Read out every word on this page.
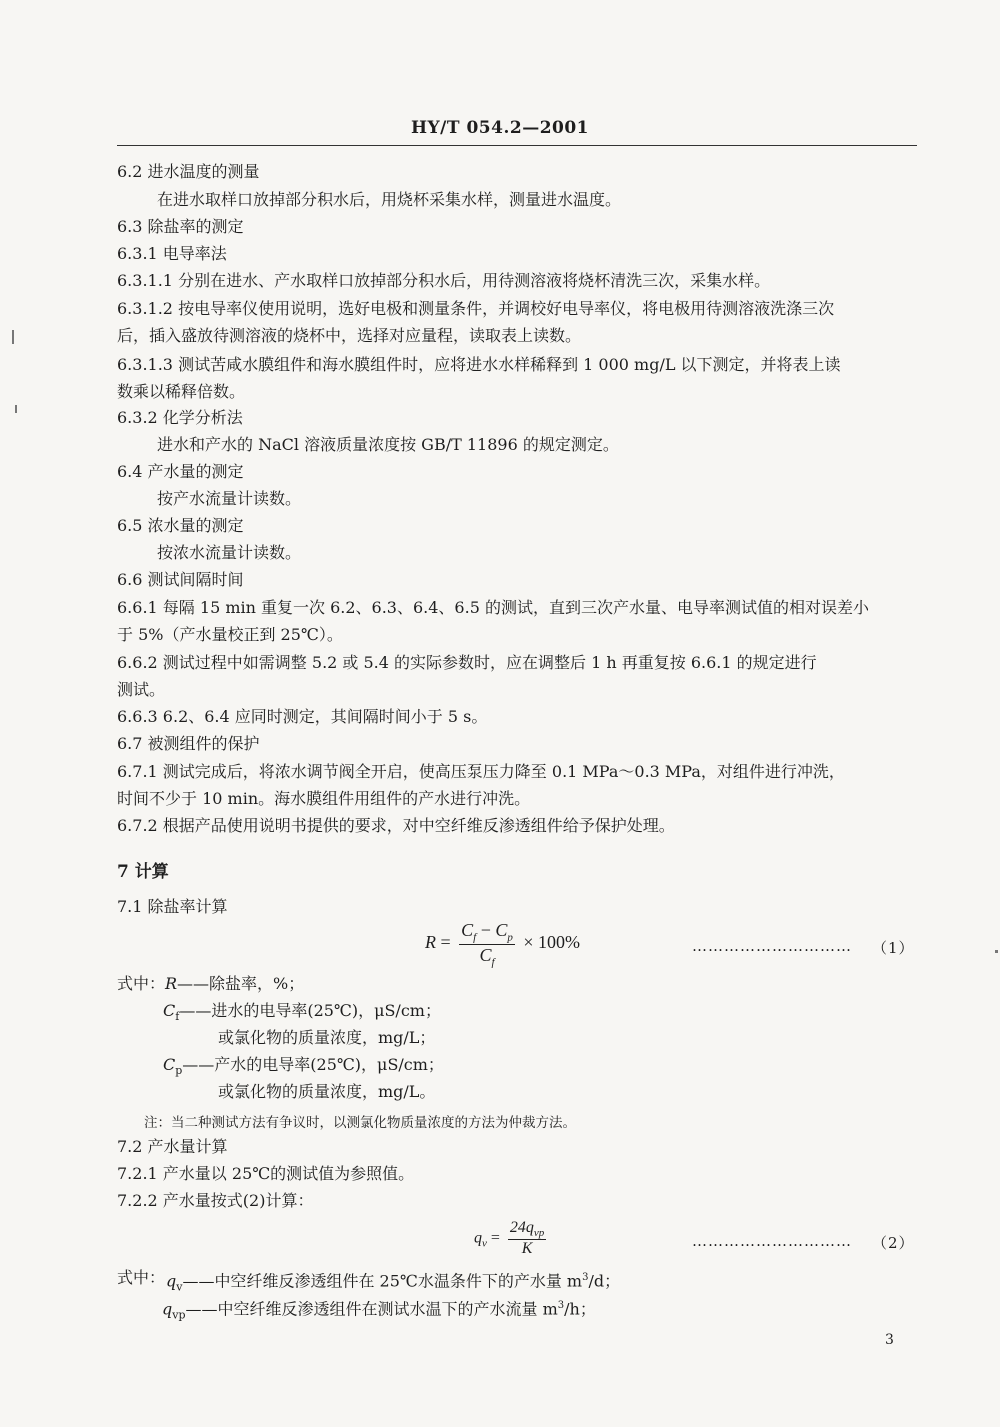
HY/T 054.2—2001
6.2 进水温度的测量
在进水取样口放掉部分积水后，用烧杯采集水样，测量进水温度。
6.3 除盐率的测定
6.3.1 电导率法
6.3.1.1 分别在进水、产水取样口放掉部分积水后，用待测溶液将烧杯清洗三次，采集水样。
6.3.1.2 按电导率仪使用说明，选好电极和测量条件，并调校好电导率仪，将电极用待测溶液洗涤三次
后，插入盛放待测溶液的烧杯中，选择对应量程，读取表上读数。
6.3.1.3 测试苦咸水膜组件和海水膜组件时，应将进水水样稀释到 1 000 mg/L 以下测定，并将表上读
数乘以稀释倍数。
6.3.2 化学分析法
进水和产水的 NaCl 溶液质量浓度按 GB/T 11896 的规定测定。
6.4 产水量的测定
按产水流量计读数。
6.5 浓水量的测定
按浓水流量计读数。
6.6 测试间隔时间
6.6.1 每隔 15 min 重复一次 6.2、6.3、6.4、6.5 的测试，直到三次产水量、电导率测试值的相对误差小
于 5%（产水量校正到 25℃）。
6.6.2 测试过程中如需调整 5.2 或 5.4 的实际参数时，应在调整后 1 h 再重复按 6.6.1 的规定进行
测试。
6.6.3 6.2、6.4 应同时测定，其间隔时间小于 5 s。
6.7 被测组件的保护
6.7.1 测试完成后，将浓水调节阀全开启，使高压泵压力降至 0.1 MPa～0.3 MPa，对组件进行冲洗，
时间不少于 10 min。海水膜组件用组件的产水进行冲洗。
6.7.2 根据产品使用说明书提供的要求，对中空纤维反渗透组件给予保护处理。
7 计算
7.1 除盐率计算
$R = \frac{C_f - C_p}{C_f} \times 100\%$	………………………… （1）
式中： R——除盐率，%；
$C_f——$进水的电导率(25℃)，μS/cm；
或氯化物的质量浓度，mg/L；
$C_p——$产水的电导率(25℃)，μS/cm；
或氯化物的质量浓度，mg/L。
注：当二种测试方法有争议时，以测氯化物质量浓度的方法为仲裁方法。
7.2 产水量计算
7.2.1 产水量以 25℃的测试值为参照值。
7.2.2 产水量按式(2)计算：
$q_v = \frac{24q_{vp}}{K}$	………………………… （2）
式中： $q_v——$中空纤维反渗透组件在 25℃水温条件下的产水量 $m^3/d$；
$q_{vp}——$中空纤维反渗透组件在测试水温下的产水流量 $m^3/h$；
3
